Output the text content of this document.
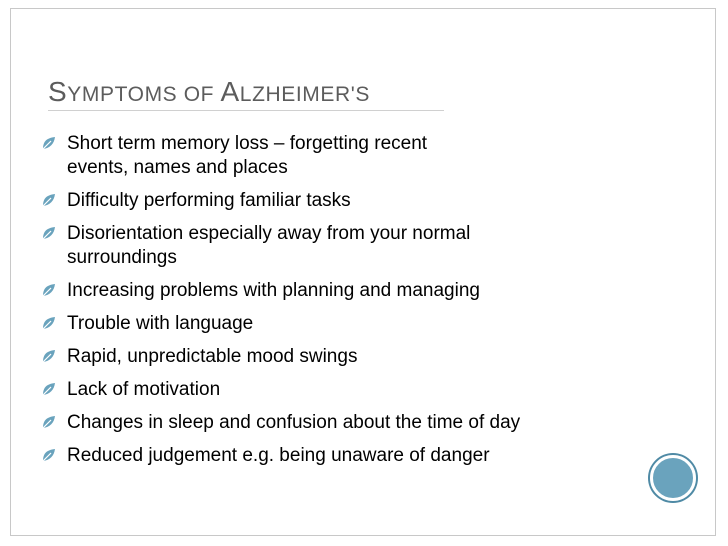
SYMPTOMS OF ALZHEIMER'S
Short term memory loss – forgetting recent
events, names and places
Difficulty performing familiar tasks
Disorientation especially away from your normal
surroundings
Increasing problems with planning and managing
Trouble with language
Rapid, unpredictable mood swings
Lack of motivation
Changes in sleep and confusion about the time of day
Reduced judgement e.g. being unaware of danger
